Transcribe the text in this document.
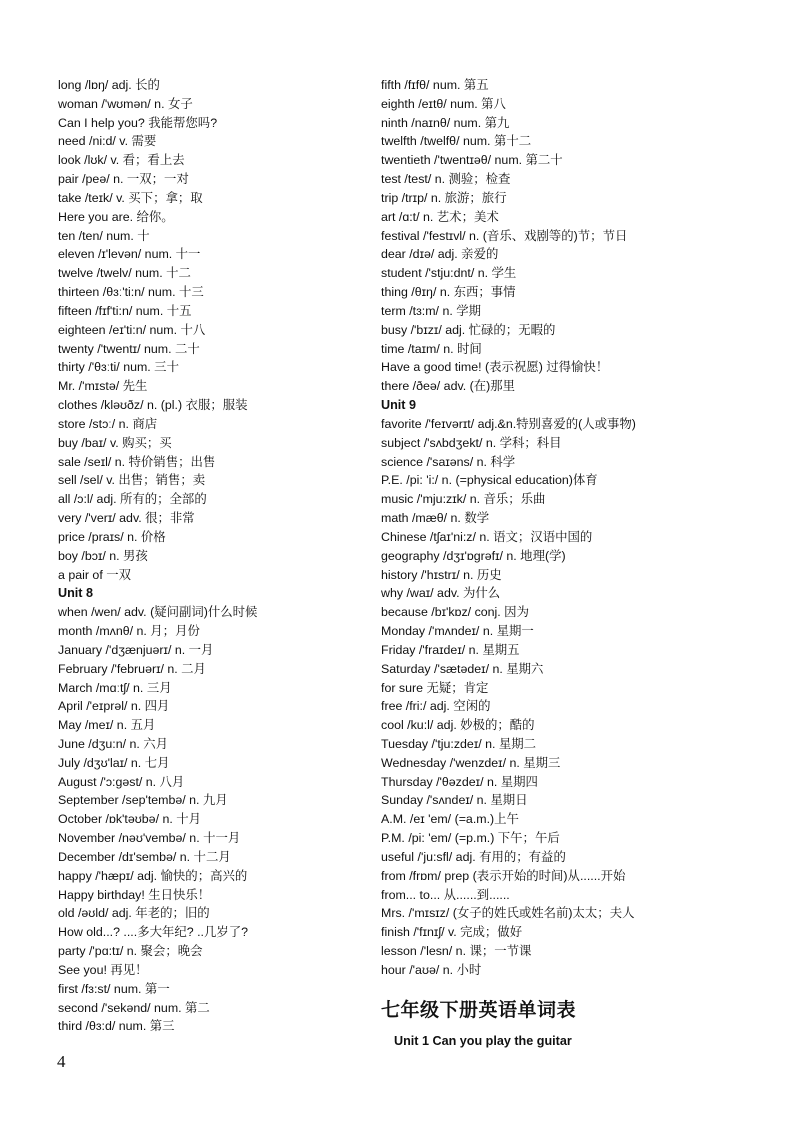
long /lɒŋ/ adj. 长的
woman /'wʊmən/ n. 女子
Can I help you? 我能帮您吗?
need /ni:d/ v. 需要
look /lʊk/ v. 看；看上去
pair /peə/ n. 一双；一对
take /teɪk/ v. 买下；拿；取
Here you are. 给你。
ten /ten/ num. 十
eleven /ɪ'levən/ num. 十一
twelve /twelv/ num. 十二
thirteen /θɜː'ti:n/ num. 十三
fifteen /fɪf'ti:n/ num. 十五
eighteen /eɪ'ti:n/ num. 十八
twenty /'twentɪ/ num. 二十
thirty /'θɜːti/ num. 三十
Mr. /'mɪstə/ 先生
clothes /kləʊðz/ n. (pl.) 衣服；服装
store /stɔː/ n. 商店
buy /baɪ/ v. 购买；买
sale /seɪl/ n. 特价销售；出售
sell /sel/ v. 出售；销售；卖
all /ɔ:l/ adj. 所有的；全部的
very /'verɪ/ adv. 很；非常
price /praɪs/ n. 价格
boy /bɔɪ/ n. 男孩
a pair of 一双
Unit 8
when /wen/ adv. (疑问副词)什么时候
month /mʌnθ/ n. 月；月份
January /'dʒænjuərɪ/ n. 一月
February /'februərɪ/ n. 二月
March /mɑːtʃ/ n. 三月
April /'eɪprəl/ n. 四月
May /meɪ/ n. 五月
June /dʒu:n/ n. 六月
July /dʒʊ'laɪ/ n. 七月
August /'ɔ:gəst/ n. 八月
September /sep'tembə/ n. 九月
October /ɒk'təʊbə/ n. 十月
November /nəʊ'vembə/ n. 十一月
December /dɪ'sembə/ n. 十二月
happy /'hæpɪ/ adj. 愉快的；高兴的
Happy birthday! 生日快乐！
old /əʊld/ adj. 年老的；旧的
How old...? ....多大年纪? ..几岁了?
party /'pɑ:tɪ/ n. 聚会；晚会
See you! 再见！
first /fɜ:st/ num. 第一
second /'sekənd/ num. 第二
third /θɜ:d/ num. 第三
fifth /fɪfθ/ num. 第五
eighth /eɪtθ/ num. 第八
ninth /naɪnθ/ num. 第九
twelfth /twelfθ/ num. 第十二
twentieth /'twentɪəθ/ num. 第二十
test /test/ n. 测验；检查
trip /trɪp/ n. 旅游；旅行
art /ɑ:t/ n. 艺术；美术
festival /'festɪvl/ n. (音乐、戏剧等的)节；节日
dear /dɪə/ adj. 亲爱的
student /'stju:dnt/ n. 学生
thing /θɪŋ/ n. 东西；事情
term /tɜ:m/ n. 学期
busy /'bɪzɪ/ adj. 忙碌的；无暇的
time /taɪm/ n. 时间
Have a good time! (表示祝愿) 过得愉快！
there /ðeə/ adv. (在)那里
Unit 9
favorite /'feɪvərɪt/ adj.&n.特别喜爱的(人或事物)
subject /'sʌbdʒekt/ n. 学科；科目
science /'saɪəns/ n. 科学
P.E. /pi: 'i:/ n. (=physical education)体育
music /'mju:zɪk/ n. 音乐；乐曲
math /mæθ/ n. 数学
Chinese /tʃaɪ'ni:z/ n. 语文；汉语中国的
geography /dʒɪ'ɒgrəfɪ/ n. 地理(学)
history /'hɪstrɪ/ n. 历史
why /waɪ/ adv. 为什么
because /bɪ'kɒz/ conj. 因为
Monday /'mʌndeɪ/ n. 星期一
Friday /'fraɪdeɪ/ n. 星期五
Saturday /'sætədeɪ/ n. 星期六
for sure 无疑；肯定
free /fri:/ adj. 空闲的
cool /ku:l/ adj. 妙极的；酷的
Tuesday /'tju:zdeɪ/ n. 星期二
Wednesday /'wenzdeɪ/ n. 星期三
Thursday /'θəzdeɪ/ n. 星期四
Sunday /'sʌndeɪ/ n. 星期日
A.M. /eɪ 'em/ (=a.m.)上午
P.M. /pi: 'em/ (=p.m.) 下午；午后
useful /'ju:sfl/ adj. 有用的；有益的
from /frɒm/ prep (表示开始的时间)从......开始
from... to... 从......到......
Mrs. /'mɪsɪz/ (女子的姓氏或姓名前)太太；夫人
finish /'fɪnɪʃ/ v. 完成；做好
lesson /'lesn/ n. 课；一节课
hour /'aʊə/ n. 小时
七年级下册英语单词表
Unit 1 Can you play the guitar
4
